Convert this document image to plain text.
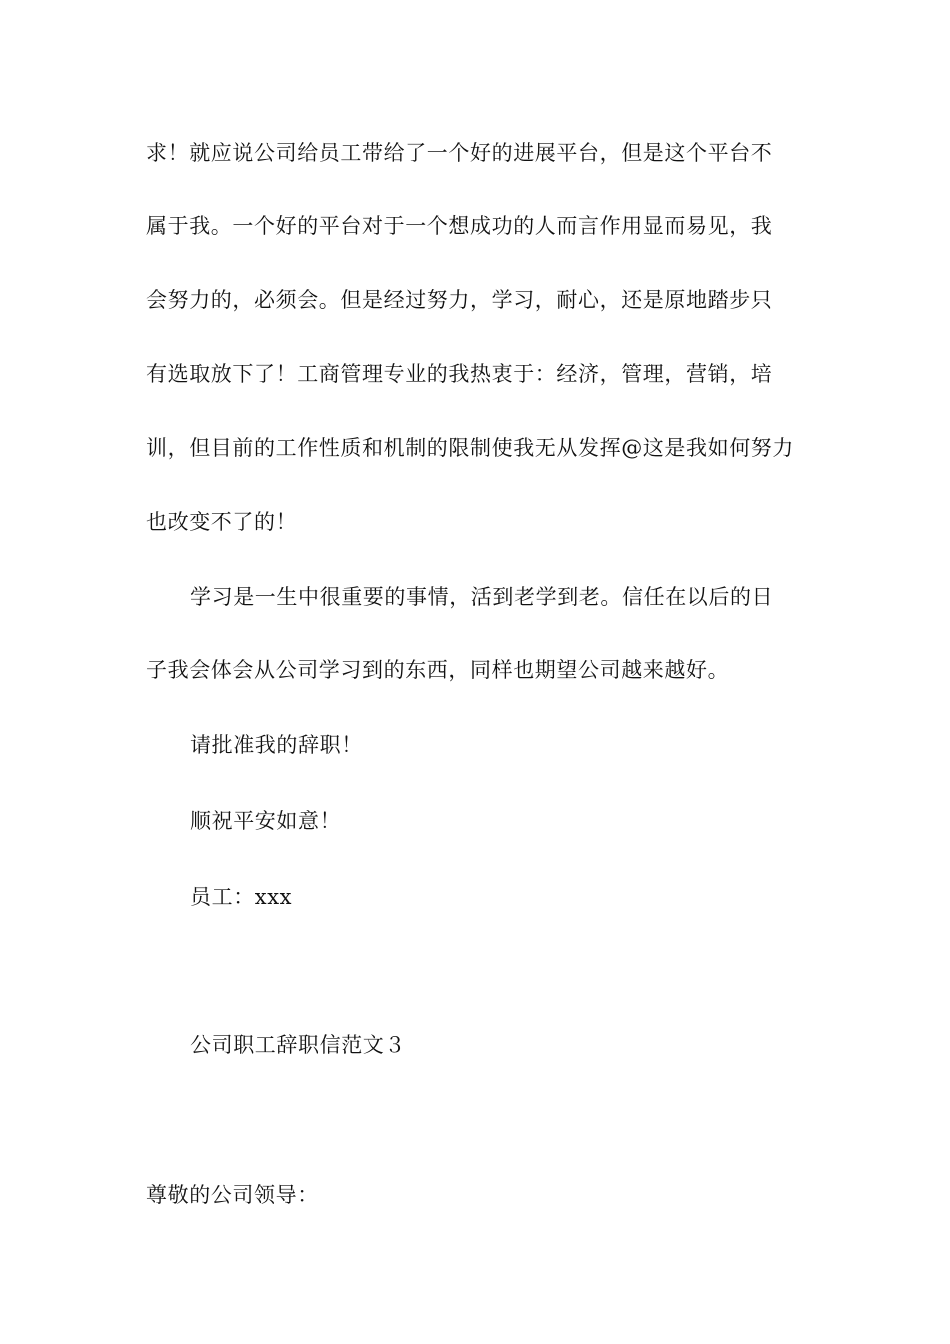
求！就应说公司给员工带给了一个好的进展平台，但是这个平台不
属于我。一个好的平台对于一个想成功的人而言作用显而易见，我
会努力的，必须会。但是经过努力，学习，耐心，还是原地踏步只
有选取放下了！工商管理专业的我热衷于：经济，管理，营销，培
训，但目前的工作性质和机制的限制使我无从发挥@这是我如何努力
也改变不了的！
学习是一生中很重要的事情，活到老学到老。信任在以后的日
子我会体会从公司学习到的东西，同样也期望公司越来越好。
请批准我的辞职！
顺祝平安如意！
员工：xxx
公司职工辞职信范文３
尊敬的公司领导：
